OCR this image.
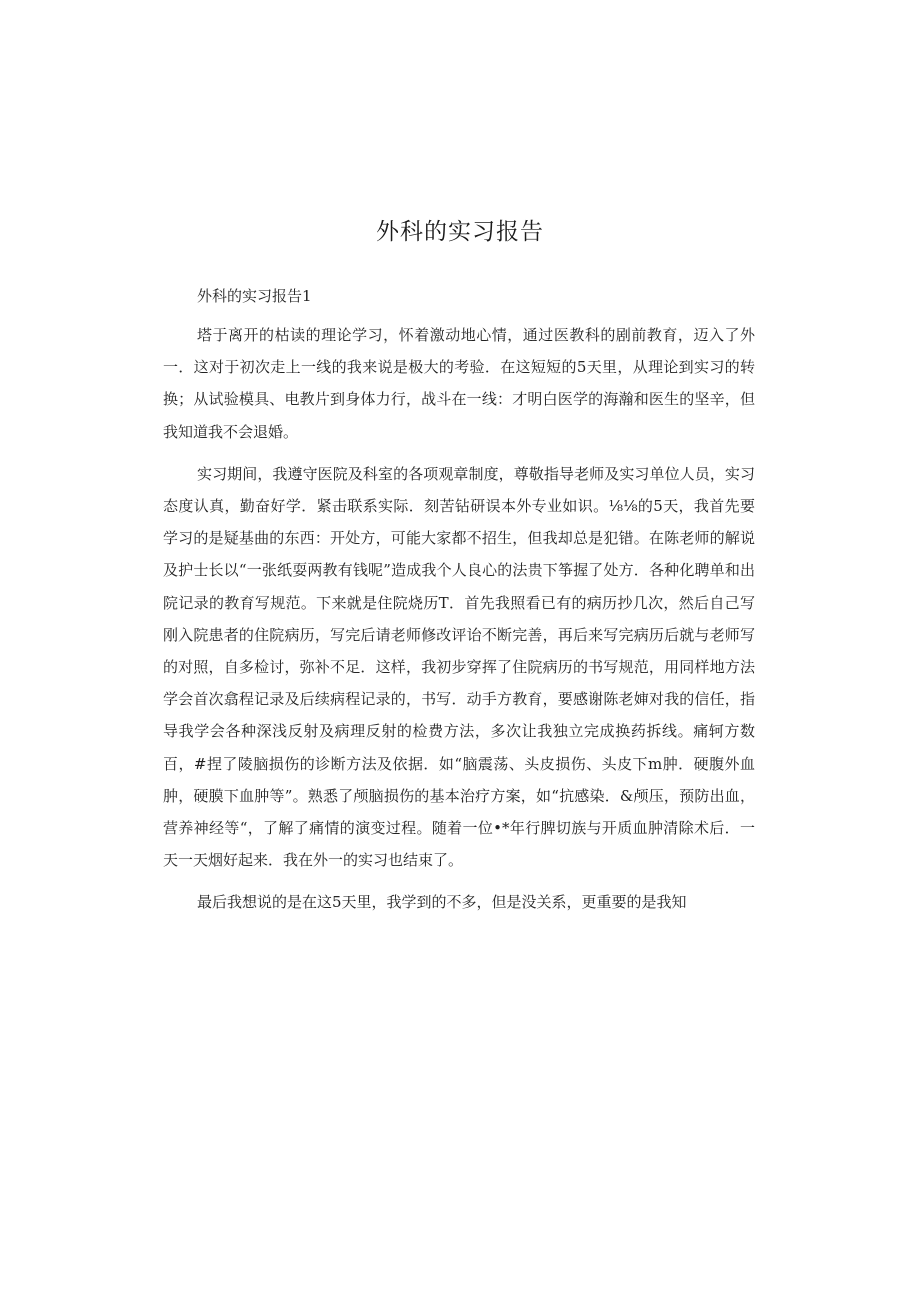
外科的实习报告

外科的实习报告1

塔于离开的枯读的理论学习，怀着激动地心情，通过医教科的剧前教育，迈入了外一．这对于初次走上一线的我来说是极大的考验．在这短短的5天里，从理论到实习的转换；从试验模具、电教片到身体力行，战斗在一线：才明白医学的海瀚和医生的坚辛，但我知道我不会退婚。

实习期间，我遵守医院及科室的各项观章制度，尊敬指导老师及实习单位人员，实习态度认真，勤奋好学．紧击联系实际．刻苦钻研误本外专业如识。⅛⅛的5天，我首先要学习的是疑基曲的东西：开处方，可能大家都不招生，但我却总是犯错。在陈老师的解说及护士长以“一张纸耍两教有钱呢”造成我个人良心的法贵下筝握了处方．各种化聘单和出院记录的教育写规范。下来就是住院烧历T．首先我照看已有的病历抄几次，然后自己写刚入院患者的住院病历，写完后请老师修改评诒不断完善，再后来写完病历后就与老师写的对照，自多检讨，弥补不足．这样，我初步穿挥了住院病历的书写规范，用同样地方法学会首次翕程记录及后续病程记录的，书写．动手方教育，要感谢陈老婶对我的信任，指导我学会各种深浅反射及病理反射的检费方法，多次让我独立完成换药拆线。痛轲方数百，#捏了陵脑损伤的诊断方法及依据．如“脑震荡、头皮损伤、头皮下m肿．硬腹外血肿，硬膜下血肿等”。熟悉了颅脑损伤的基本治疗方案，如“抗感染．&颅压，预防出血，营养神经等“，了解了痛情的演变过程。随着一位•*年行脾切族与开质血肿清除术后．一天一天烟好起来．我在外一的实习也结束了。

最后我想说的是在这5天里，我学到的不多，但是没关系，更重要的是我知
